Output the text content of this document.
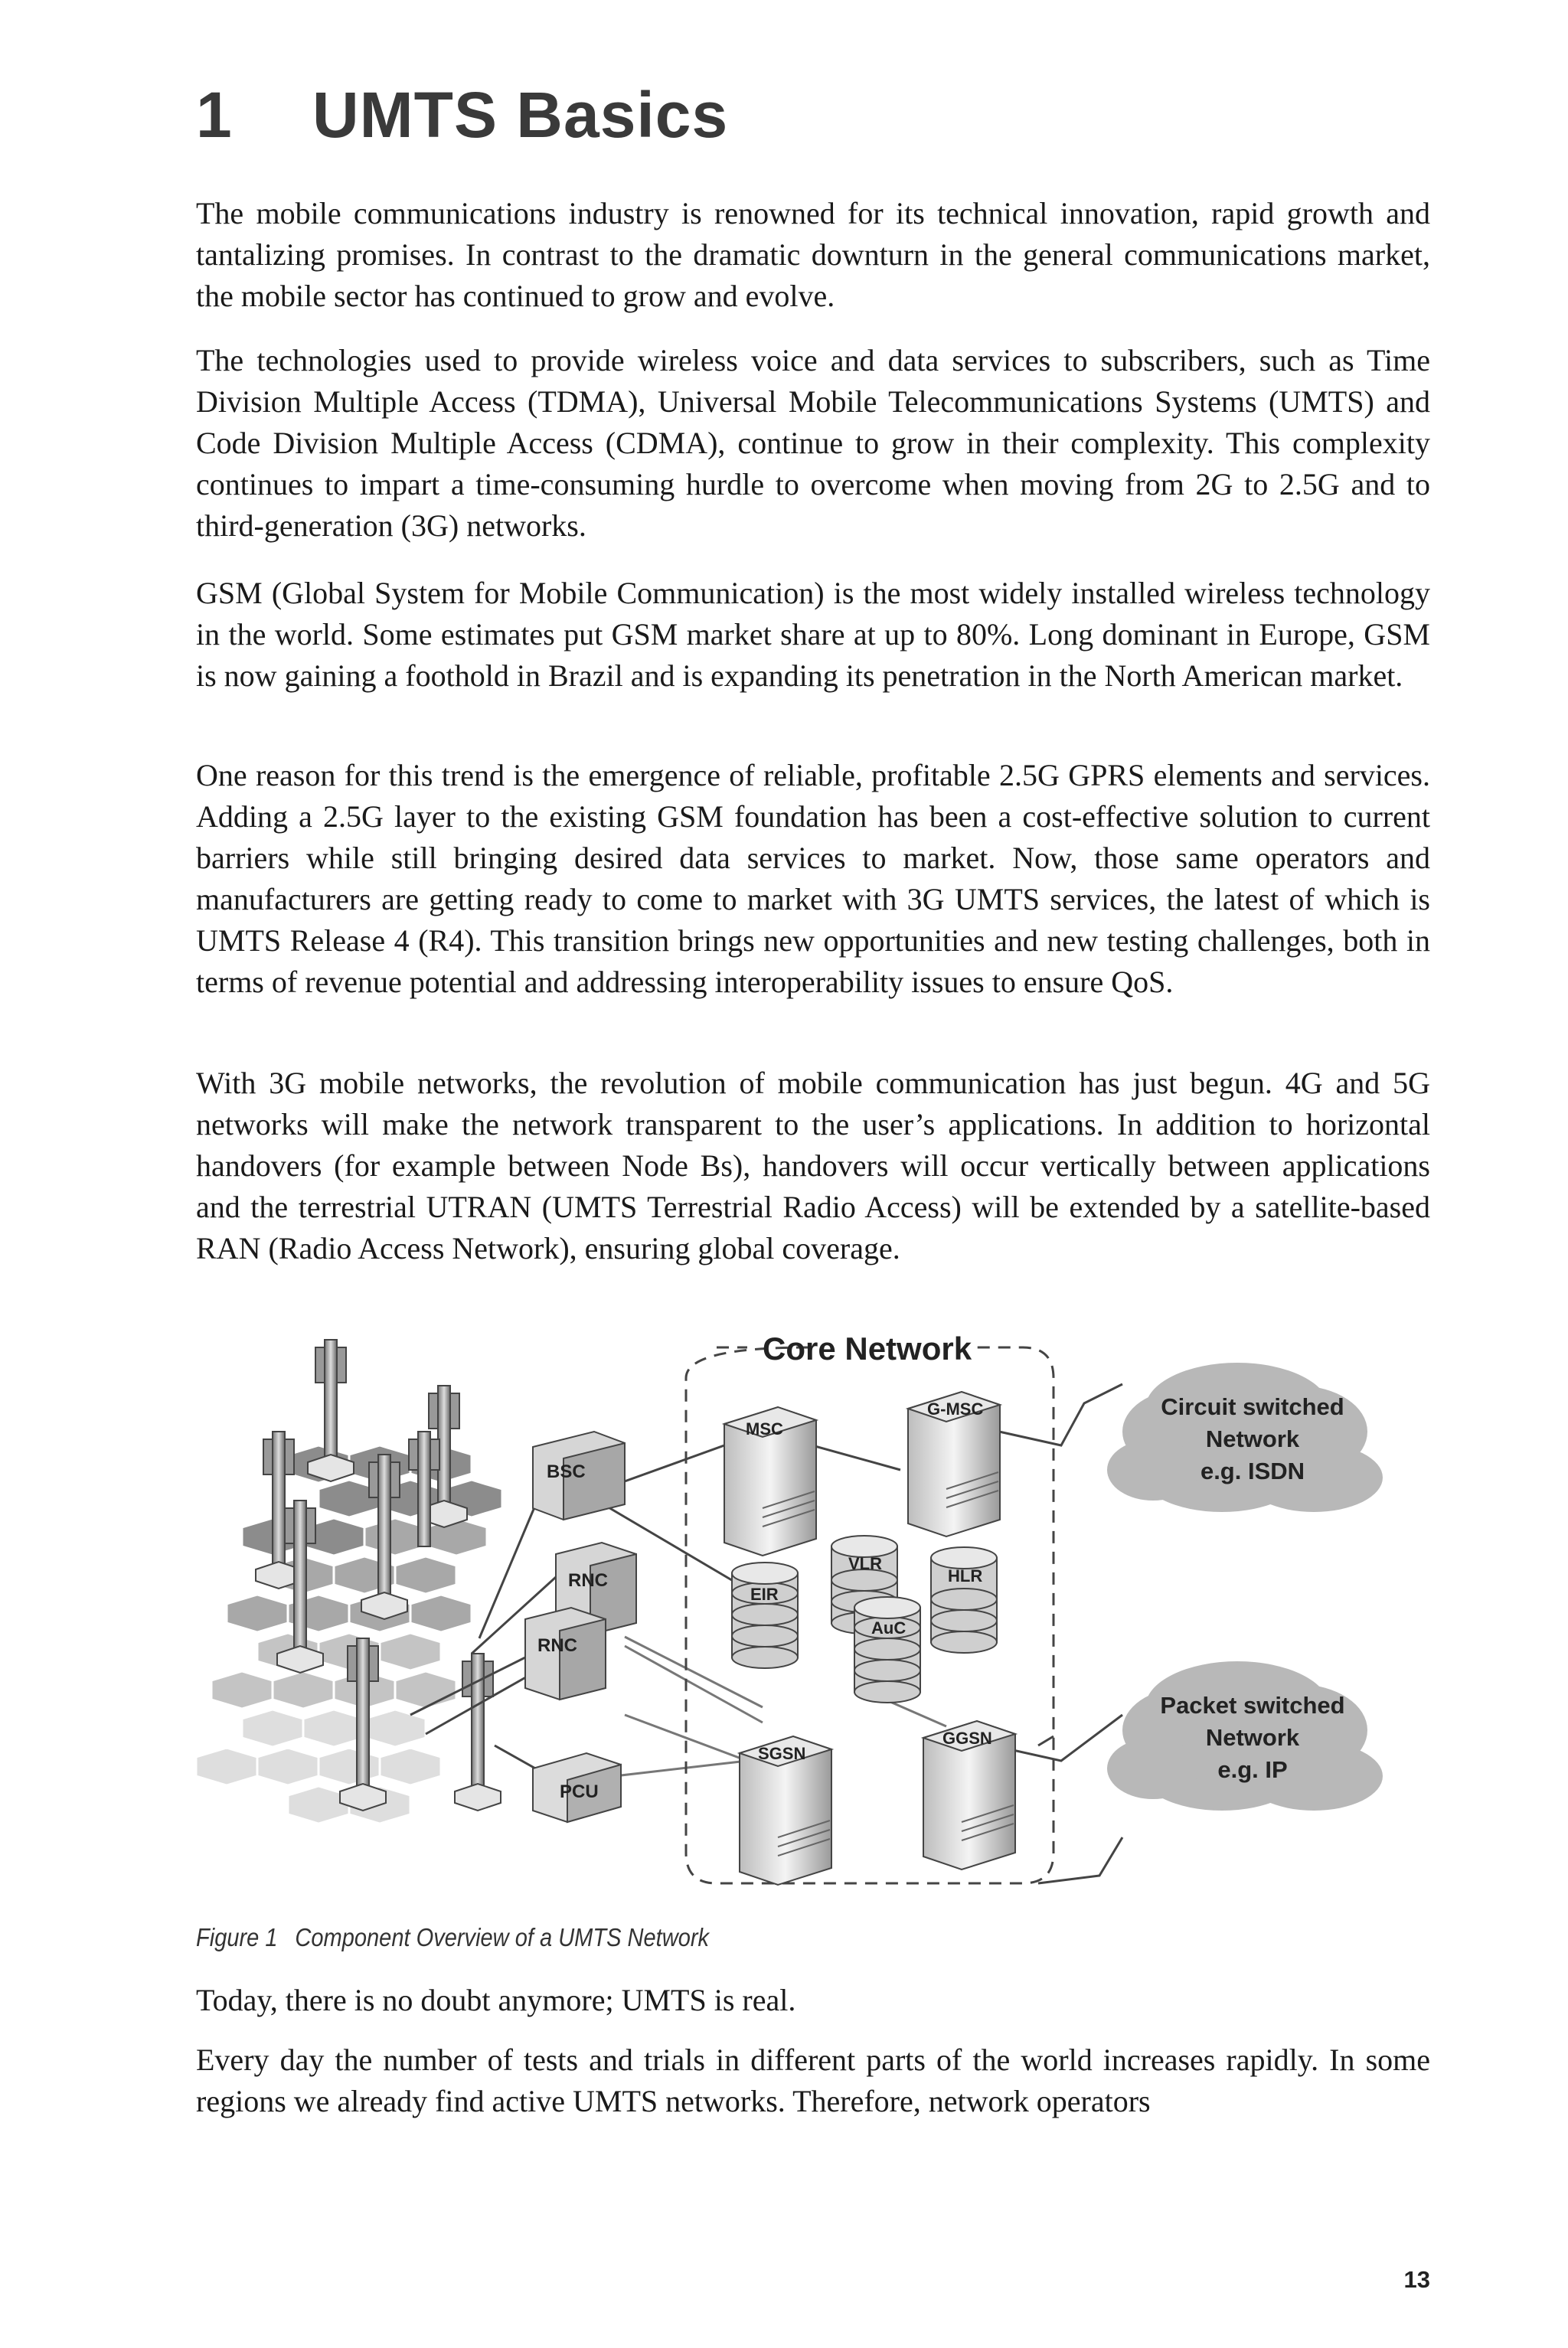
1 UMTS Basics

The mobile communications industry is renowned for its technical innovation, rapid growth and tantalizing promises. In contrast to the dramatic downturn in the general communications market, the mobile sector has continued to grow and evolve.

The technologies used to provide wireless voice and data services to subscribers, such as Time Division Multiple Access (TDMA), Universal Mobile Telecommunications Systems (UMTS) and Code Division Multiple Access (CDMA), continue to grow in their complexity. This complexity continues to impart a time-consuming hurdle to overcome when moving from 2G to 2.5G and to third-generation (3G) networks.

GSM (Global System for Mobile Communication) is the most widely installed wireless technology in the world. Some estimates put GSM market share at up to 80%. Long dominant in Europe, GSM is now gaining a foothold in Brazil and is expanding its penetration in the North American market.

One reason for this trend is the emergence of reliable, profitable 2.5G GPRS elements and services. Adding a 2.5G layer to the existing GSM foundation has been a cost-effective solution to current barriers while still bringing desired data services to market. Now, those same operators and manufacturers are getting ready to come to market with 3G UMTS services, the latest of which is UMTS Release 4 (R4). This transition brings new opportunities and new testing challenges, both in terms of revenue potential and addressing interoperability issues to ensure QoS.

With 3G mobile networks, the revolution of mobile communication has just begun. 4G and 5G networks will make the network transparent to the user’s applications. In addition to horizontal handovers (for example between Node Bs), handovers will occur vertically between applications and the terrestrial UTRAN (UMTS Terrestrial Radio Access) will be extended by a satellite-based RAN (Radio Access Network), ensuring global coverage.

Core Network
BSC
RNC
RNC
PCU
MSC
G-MSC
SGSN
GGSN
EIR
VLR
HLR
AuC
Circuit switched
Network
e.g. ISDN
Packet switched
Network
e.g. IP
Figure 1 Component Overview of a UMTS Network

Today, there is no doubt anymore; UMTS is real.

Every day the number of tests and trials in different parts of the world increases rapidly. In some regions we already find active UMTS networks. Therefore, network operators

13
